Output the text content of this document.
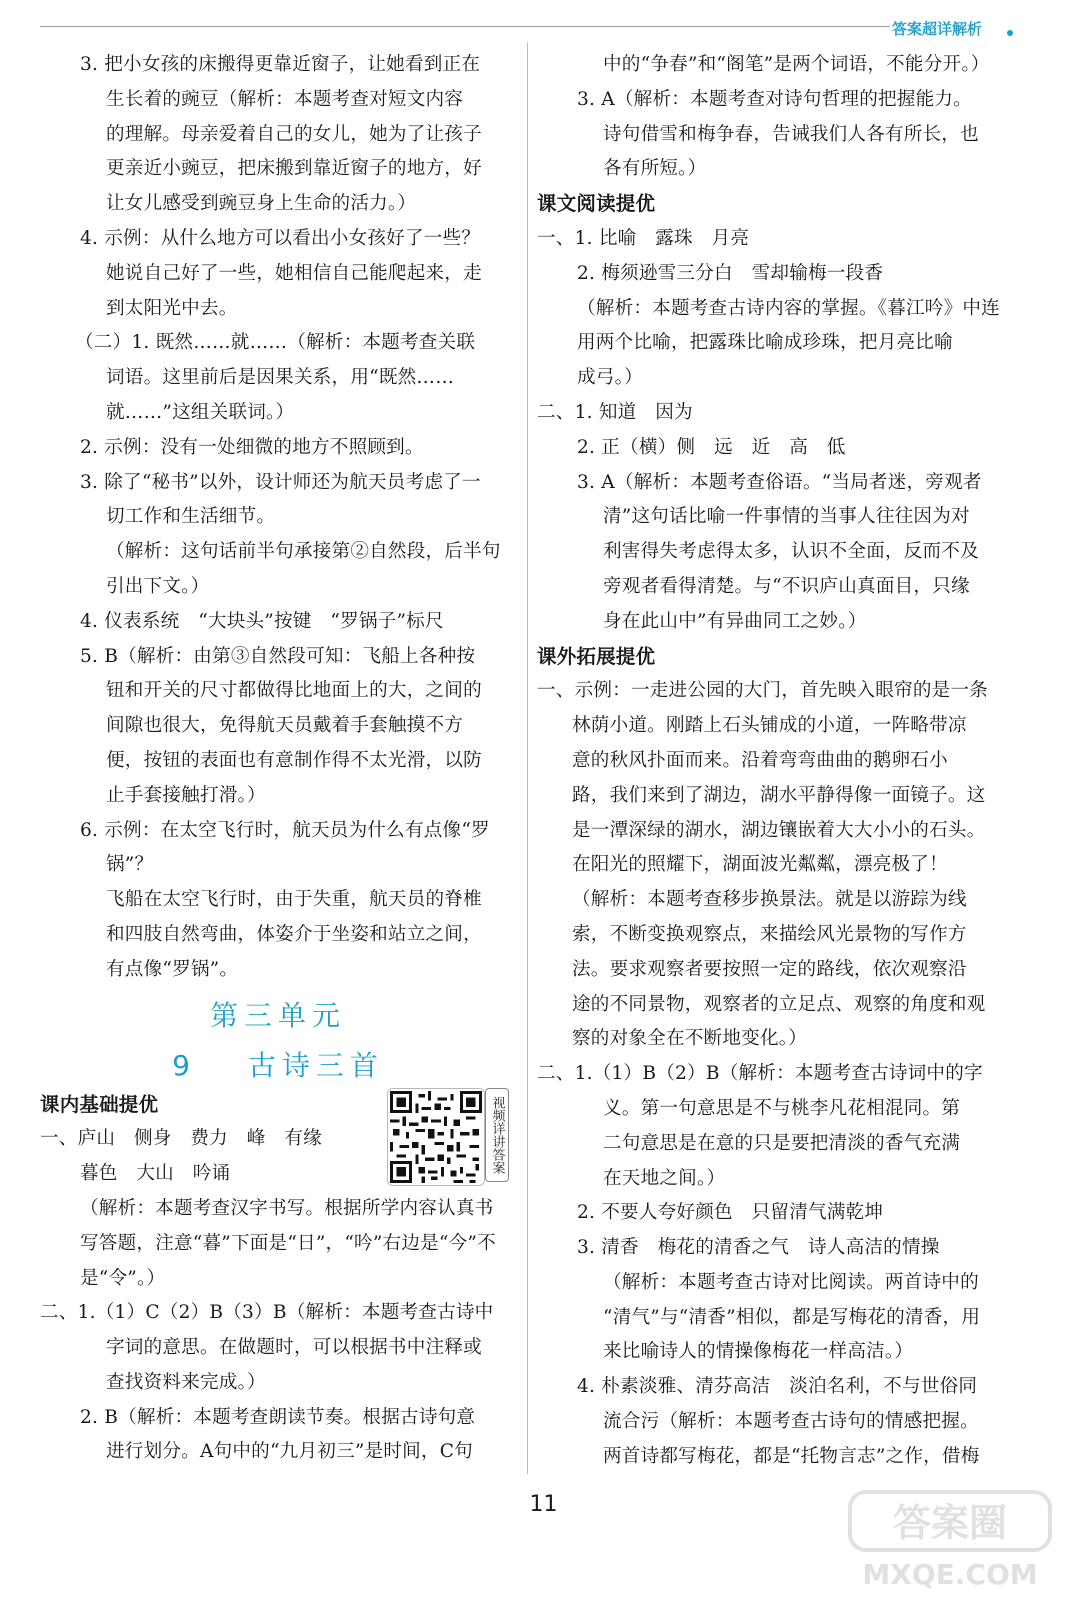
答案超详解析
3. 把小女孩的床搬得更靠近窗子，让她看到正在
生长着的豌豆（解析：本题考查对短文内容
的理解。母亲爱着自己的女儿，她为了让孩子
更亲近小豌豆，把床搬到靠近窗子的地方，好
让女儿感受到豌豆身上生命的活力。）
4. 示例：从什么地方可以看出小女孩好了一些？
她说自己好了一些，她相信自己能爬起来，走
到太阳光中去。
（二）1. 既然……就……（解析：本题考查关联
词语。这里前后是因果关系，用“既然……
就……”这组关联词。）
2. 示例：没有一处细微的地方不照顾到。
3. 除了“秘书”以外，设计师还为航天员考虑了一
切工作和生活细节。
（解析：这句话前半句承接第②自然段，后半句
引出下文。）
4. 仪表系统　“大块头”按键　“罗锅子”标尺
5. B（解析：由第③自然段可知：飞船上各种按
钮和开关的尺寸都做得比地面上的大，之间的
间隙也很大，免得航天员戴着手套触摸不方
便，按钮的表面也有意制作得不太光滑，以防
止手套接触打滑。）
6. 示例：在太空飞行时，航天员为什么有点像“罗
锅”？
飞船在太空飞行时，由于失重，航天员的脊椎
和四肢自然弯曲，体姿介于坐姿和站立之间，
有点像“罗锅”。
第三单元
9 古诗三首
课内基础提优
一、庐山　侧身　费力　峰　有缘
暮色　大山　吟诵
（解析：本题考查汉字书写。根据所学内容认真书
写答题，注意“暮”下面是“日”，“吟”右边是“今”不
是“令”。）
二、1.（1）C（2）B（3）B（解析：本题考查古诗中
字词的意思。在做题时，可以根据书中注释或
查找资料来完成。）
2. B（解析：本题考查朗读节奏。根据古诗句意
进行划分。A句中的“九月初三”是时间，C句
视频详讲答案
中的“争春”和“阁笔”是两个词语，不能分开。）
3. A（解析：本题考查对诗句哲理的把握能力。
诗句借雪和梅争春，告诫我们人各有所长，也
各有所短。）
课文阅读提优
一、1. 比喻　露珠　月亮
2. 梅须逊雪三分白　雪却输梅一段香
（解析：本题考查古诗内容的掌握。《暮江吟》中连
用两个比喻，把露珠比喻成珍珠，把月亮比喻
成弓。）
二、1. 知道　因为
2. 正（横）侧　远　近　高　低
3. A（解析：本题考查俗语。“当局者迷，旁观者
清”这句话比喻一件事情的当事人往往因为对
利害得失考虑得太多，认识不全面，反而不及
旁观者看得清楚。与“不识庐山真面目，只缘
身在此山中”有异曲同工之妙。）
课外拓展提优
一、示例：一走进公园的大门，首先映入眼帘的是一条
林荫小道。刚踏上石头铺成的小道，一阵略带凉
意的秋风扑面而来。沿着弯弯曲曲的鹅卵石小
路，我们来到了湖边，湖水平静得像一面镜子。这
是一潭深绿的湖水，湖边镶嵌着大大小小的石头。
在阳光的照耀下，湖面波光粼粼，漂亮极了！
（解析：本题考查移步换景法。就是以游踪为线
索，不断变换观察点，来描绘风光景物的写作方
法。要求观察者要按照一定的路线，依次观察沿
途的不同景物，观察者的立足点、观察的角度和观
察的对象全在不断地变化。）
二、1.（1）B（2）B（解析：本题考查古诗词中的字
义。第一句意思是不与桃李凡花相混同。第
二句意思是在意的只是要把清淡的香气充满
在天地之间。）
2. 不要人夸好颜色　只留清气满乾坤
3. 清香　梅花的清香之气　诗人高洁的情操
（解析：本题考查古诗对比阅读。两首诗中的
“清气”与“清香”相似，都是写梅花的清香，用
来比喻诗人的情操像梅花一样高洁。）
4. 朴素淡雅、清芬高洁　淡泊名利，不与世俗同
流合污（解析：本题考查古诗句的情感把握。
两首诗都写梅花，都是“托物言志”之作，借梅
11	答案圈
MXQE.COM
